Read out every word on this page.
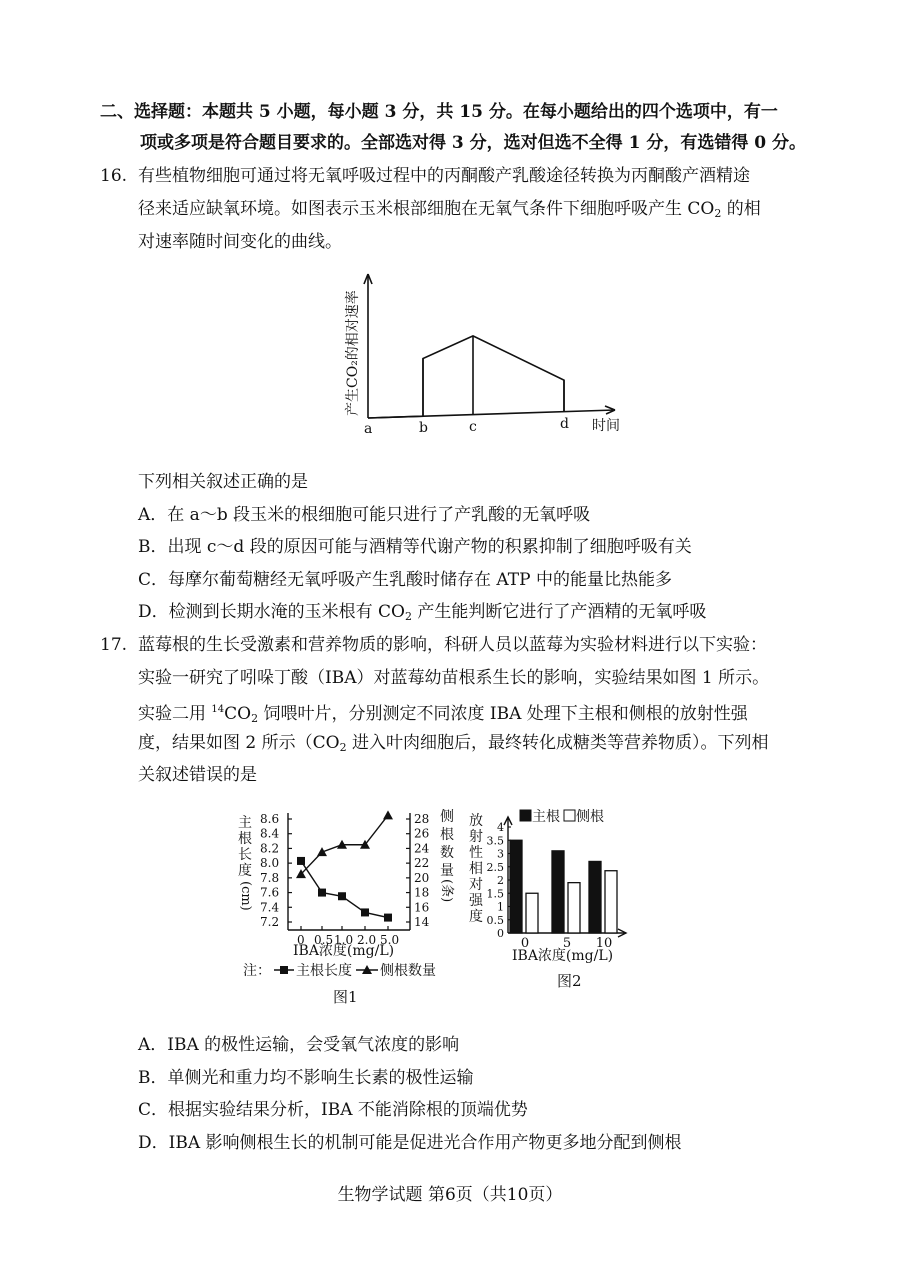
二、选择题：本题共 5 小题，每小题 3 分，共 15 分。在每小题给出的四个选项中，有一
项或多项是符合题目要求的。全部选对得 3 分，选对但选不全得 1 分，有选错得 0 分。
16. 有些植物细胞可通过将无氧呼吸过程中的丙酮酸产乳酸途径转换为丙酮酸产酒精途
径来适应缺氧环境。如图表示玉米根部细胞在无氧气条件下细胞呼吸产生 $CO_2$ 的相
对速率随时间变化的曲线。
a	b	c	d 时间
产生CO₂的相对速率
下列相关叙述正确的是
A．在 a～b 段玉米的根细胞可能只进行了产乳酸的无氧呼吸
B．出现 c～d 段的原因可能与酒精等代谢产物的积累抑制了细胞呼吸有关
C．每摩尔葡萄糖经无氧呼吸产生乳酸时储存在 ATP 中的能量比热能多
D．检测到长期水淹的玉米根有 $CO_2$ 产生能判断它进行了产酒精的无氧呼吸
17. 蓝莓根的生长受激素和营养物质的影响，科研人员以蓝莓为实验材料进行以下实验：
实验一研究了吲哚丁酸（IBA）对蓝莓幼苗根系生长的影响，实验结果如图 1 所示。
实验二用 $^{14}CO_2$ 饲喂叶片，分别测定不同浓度 IBA 处理下主根和侧根的放射性强
度，结果如图 2 所示（$CO_2$ 进入叶肉细胞后，最终转化成糖类等营养物质）。下列相
关叙述错误的是
7.2
7.4
7.6
7.8
8.0
8.2
8.4
8.6
14
16
18
20
22
24
26
28
0 0.5 1.0 2.0 5.0
主
根
长
度
(cm)
侧
根
数
量
(条)
IBA浓度(mg/L)
注： 主根长度 侧根数量
图1
放
射
性
相
对
强
度
主根 侧根
0
0.5
1
1.5
2
2.5
3
3.5
4
0	5 10
IBA浓度(mg/L)
图2
A．IBA 的极性运输，会受氧气浓度的影响
B．单侧光和重力均不影响生长素的极性运输
C．根据实验结果分析，IBA 不能消除根的顶端优势
D．IBA 影响侧根生长的机制可能是促进光合作用产物更多地分配到侧根
生物学试题 第6页（共10页）
